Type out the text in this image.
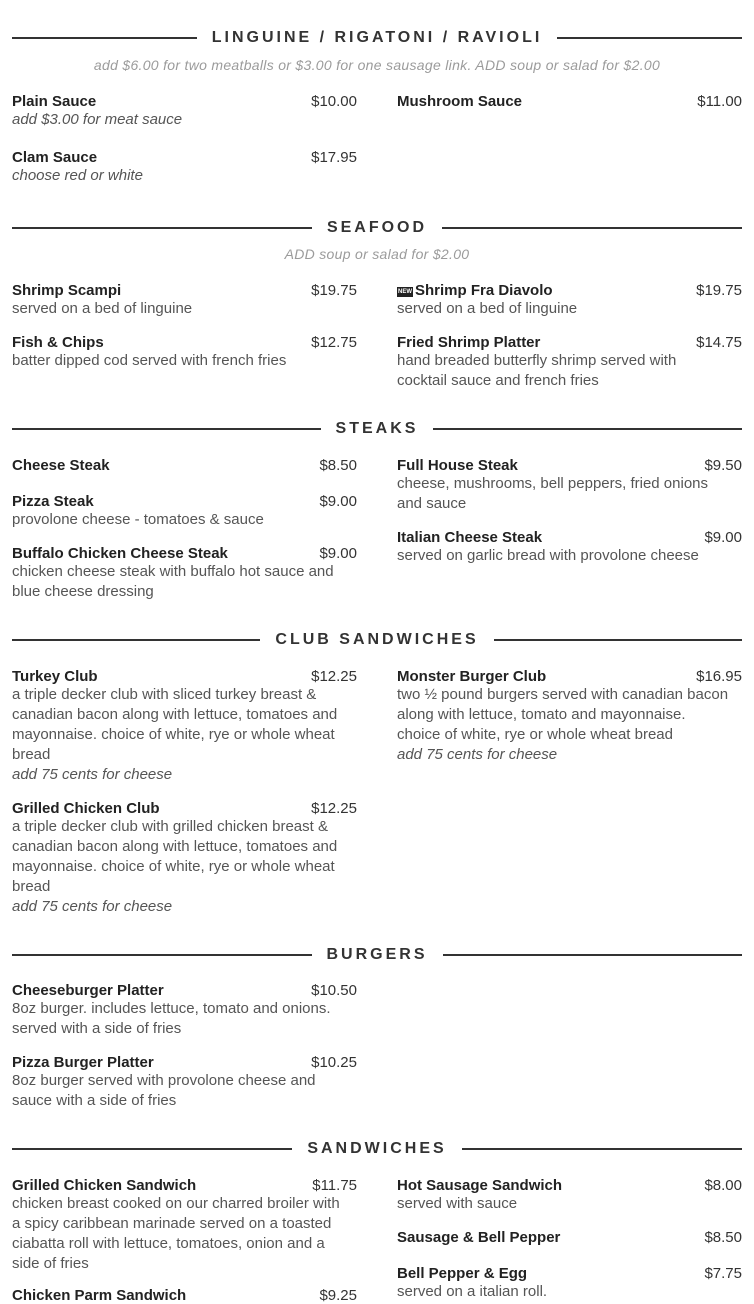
LINGUINE / RIGATONI / RAVIOLI
add $6.00 for two meatballs or $3.00 for one sausage link. ADD soup or salad for $2.00
Plain Sauce	$10.00
add $3.00 for meat sauce
Clam Sauce	$17.95
choose red or white
Mushroom Sauce	$11.00
SEAFOOD
ADD soup or salad for $2.00
Shrimp Scampi	$19.75
served on a bed of linguine
Fish & Chips	$12.75
batter dipped cod served with french fries
NEW Shrimp Fra Diavolo	$19.75
served on a bed of linguine
Fried Shrimp Platter	$14.75
hand breaded butterfly shrimp served with cocktail sauce and french fries
STEAKS
Cheese Steak	$8.50
Pizza Steak	$9.00
provolone cheese - tomatoes & sauce
Buffalo Chicken Cheese Steak	$9.00
chicken cheese steak with buffalo hot sauce and blue cheese dressing
Full House Steak	$9.50
cheese, mushrooms, bell peppers, fried onions and sauce
Italian Cheese Steak	$9.00
served on garlic bread with provolone cheese
CLUB SANDWICHES
Turkey Club	$12.25
a triple decker club with sliced turkey breast & canadian bacon along with lettuce, tomatoes and mayonnaise. choice of white, rye or whole wheat bread
add 75 cents for cheese
Grilled Chicken Club	$12.25
a triple decker club with grilled chicken breast & canadian bacon along with lettuce, tomatoes and mayonnaise. choice of white, rye or whole wheat bread
add 75 cents for cheese
Monster Burger Club	$16.95
two ½ pound burgers served with canadian bacon along with lettuce, tomato and mayonnaise. choice of white, rye or whole wheat bread
add 75 cents for cheese
BURGERS
Cheeseburger Platter	$10.50
8oz burger. includes lettuce, tomato and onions. served with a side of fries
Pizza Burger Platter	$10.25
8oz burger served with provolone cheese and sauce with a side of fries
SANDWICHES
Grilled Chicken Sandwich	$11.75
chicken breast cooked on our charred broiler with a spicy caribbean marinade served on a toasted ciabatta roll with lettuce, tomatoes, onion and a side of fries
Chicken Parm Sandwich	$9.25
Hot Sausage Sandwich	$8.00
served with sauce
Sausage & Bell Pepper	$8.50
Bell Pepper & Egg	$7.75
served on a italian roll.
